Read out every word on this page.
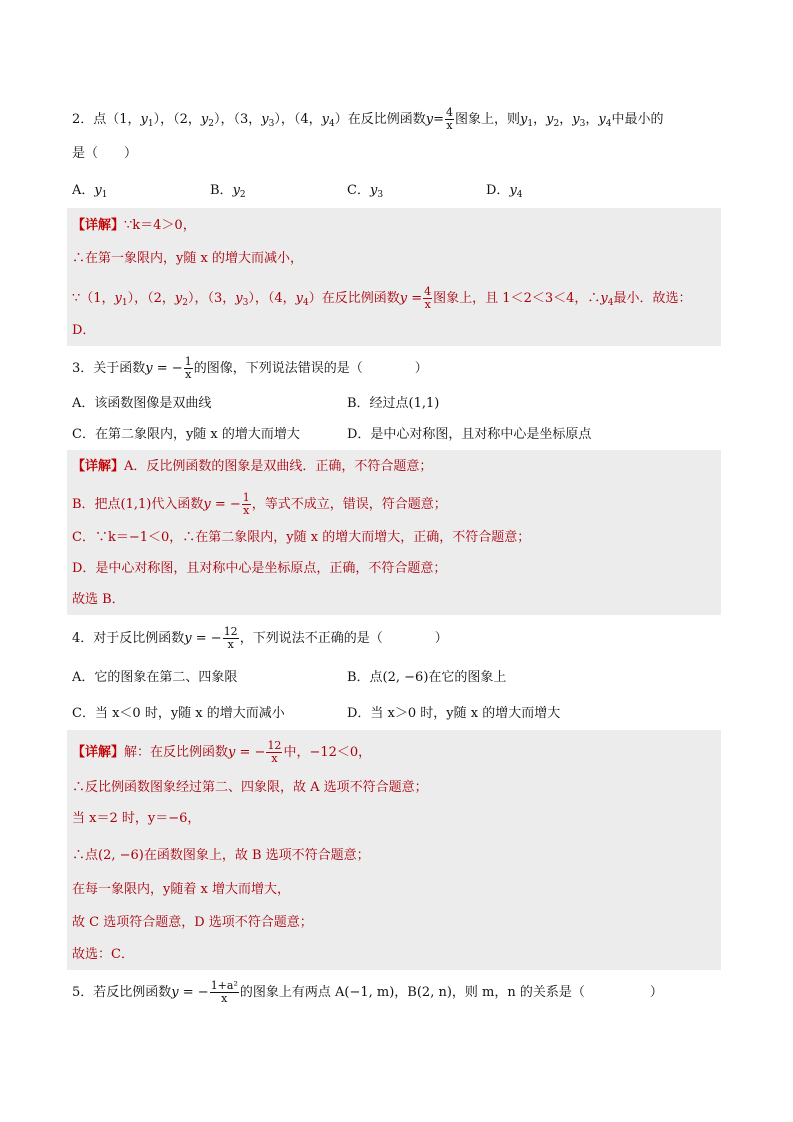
2．点（1，$y_1$），（2，$y_2$），（3，$y_3$），（4，$y_4$）在反比例函数$y= \frac{4}{x}$ 图象上，则$y_1$，$y_2$，$y_3$，$y_4$中最小的
是（　　）
A．$y_1$	B．$y_2$	C．$y_3$	D．$y_4$
【详解】∵k＝4＞0，
∴在第一象限内，y随 x 的增大而减小，
∵（1，$y_1$），（2，$y_2$），（3，$y_3$），（4，$y_4$）在反比例函数$y = \frac{4}{x}$ 图象上，且 1＜2＜3＜4，$\therefore y_4$最小．故选：
D．
3．关于函数y = − $\frac{1}{x}$ 的图像，下列说法错误的是（　　　　）
A．该函数图像是双曲线	B．经过点(1,1)
C．在第二象限内，y随 x 的增大而增大	D．是中心对称图，且对称中心是坐标原点
【详解】A．反比例函数的图象是双曲线．正确，不符合题意；
B．把点(1,1)代入函数y = − $\frac{1}{x}$ ，等式不成立，错误，符合题意；
C．∵k＝−1＜0，∴在第二象限内，y随 x 的增大而增大，正确，不符合题意；
D．是中心对称图，且对称中心是坐标原点，正确，不符合题意；
故选 B．
4．对于反比例函数y = − $\frac{12}{x}$ ，下列说法不正确的是（　　　　）
A．它的图象在第二、四象限	B．点(2, −6)在它的图象上
C．当 x＜0 时，y随 x 的增大而减小	D．当 x＞0 时，y随 x 的增大而增大
【详解】解：在反比例函数y = − $\frac{12}{x}$ 中，−12＜0，
∴反比例函数图象经过第二、四象限，故 A 选项不符合题意；
当 x＝2 时，y＝−6，
∴点(2, −6)在函数图象上，故 B 选项不符合题意；
在每一象限内，y随着 x 增大而增大，
故 C 选项符合题意，D 选项不符合题意；
故选：C．
5．若反比例函数y = − $\frac{\text{1+a²}}{x}$ 的图象上有两点 A(−1, m)，B(2, n)，则 m，n 的关系是（　　　　　）
